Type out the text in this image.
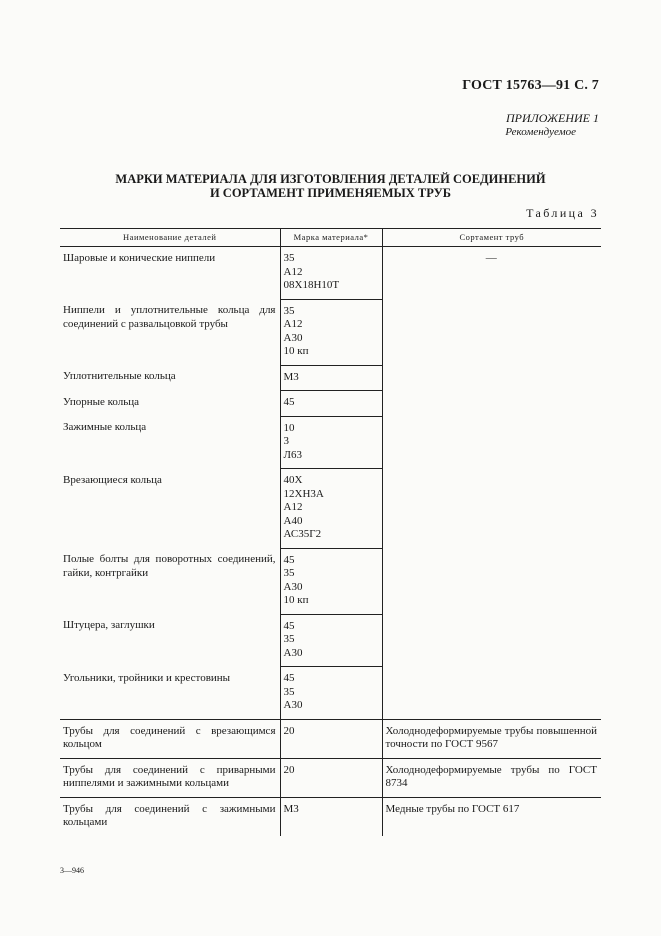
ГОСТ 15763—91 С. 7
ПРИЛОЖЕНИЕ 1
Рекомендуемое
МАРКИ МАТЕРИАЛА ДЛЯ ИЗГОТОВЛЕНИЯ ДЕТАЛЕЙ СОЕДИНЕНИЙ
И СОРТАМЕНТ ПРИМЕНЯЕМЫХ ТРУБ
Таблица 3
Наименование деталей	Марка материала*	Сортамент труб
Шаровые и конические ниппели	35
А12
08Х18Н10Т	—
Ниппели и уплотнительные кольца для соединений с развальцовкой трубы	35
А12
А30
10 кп	

Уплотнительные кольца	М3	

Упорные кольца	45	

Зажимные кольца	10
3
Л63	

Врезающиеся кольца	40Х
12ХН3А
А12
А40
АС35Г2	

Полые болты для поворотных соединений, гайки, контргайки	45
35
А30
10 кп	

Штуцера, заглушки	45
35
А30	

Угольники, тройники и крестовины	45
35
А30	

Трубы для соединений с врезающимся кольцом	20	Холоднодеформируемые трубы повышенной точности по ГОСТ 9567
Трубы для соединений с приварными ниппелями и зажимными кольцами	20	Холоднодеформируемые трубы по ГОСТ 8734
Трубы для соединений с зажимными кольцами	М3	Медные трубы по ГОСТ 617
3—946
